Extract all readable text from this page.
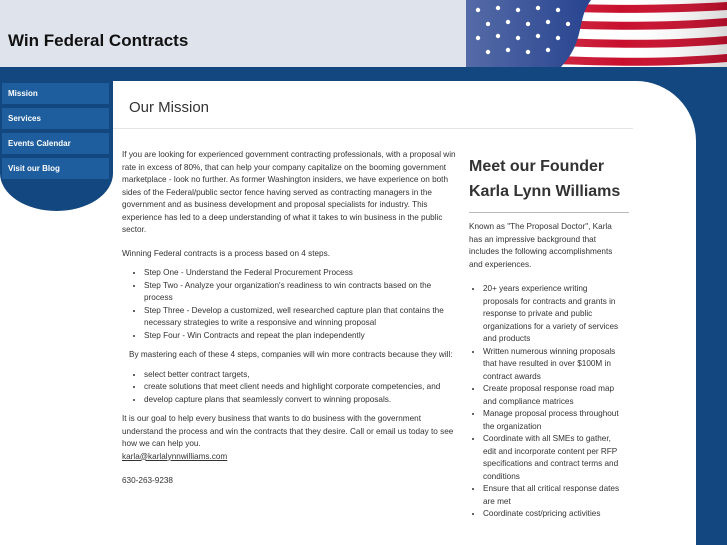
Win Federal Contracts
Mission
Services
Events Calendar
Visit our Blog
Our Mission

If you are looking for experienced government contracting professionals, with a proposal win rate in excess of 80%, that can help your company capitalize on the booming government marketplace - look no further. As former Washington insiders, we have experience on both sides of the Federal/public sector fence having served as contracting managers in the government and as business development and proposal specialists for industry. This experience has led to a deep understanding of what it takes to win business in the public sector.

Winning Federal contracts is a process based on 4 steps.

• Step One - Understand the Federal Procurement Process
• Step Two - Analyze your organization's readiness to win contracts based on the process
• Step Three - Develop a customized, well researched capture plan that contains the necessary strategies to write a responsive and winning proposal
• Step Four - Win Contracts and repeat the plan independently

By mastering each of these 4 steps, companies will win more contracts because they will:

• select better contract targets,
• create solutions that meet client needs and highlight corporate competencies, and
• develop capture plans that seamlessly convert to winning proposals.

It is our goal to help every business that wants to do business with the government understand the process and win the contracts that they desire. Call or email us today to see how we can help you.

karla@karlalynnwilliams.com

630-263-9238

Meet our Founder Karla Lynn Williams

Known as "The Proposal Doctor", Karla has an impressive background that includes the following accomplishments and experiences.

• 20+ years experience writing proposals for contracts and grants in response to private and public organizations for a variety of services and products
• Written numerous winning proposals that have resulted in over $100M in contract awards
• Create proposal response road map and compliance matrices
• Manage proposal process throughout the organization
• Coordinate with all SMEs to gather, edit and incorporate content per RFP specifications and contract terms and conditions
• Ensure that all critical response dates are met
• Coordinate cost/pricing activities
